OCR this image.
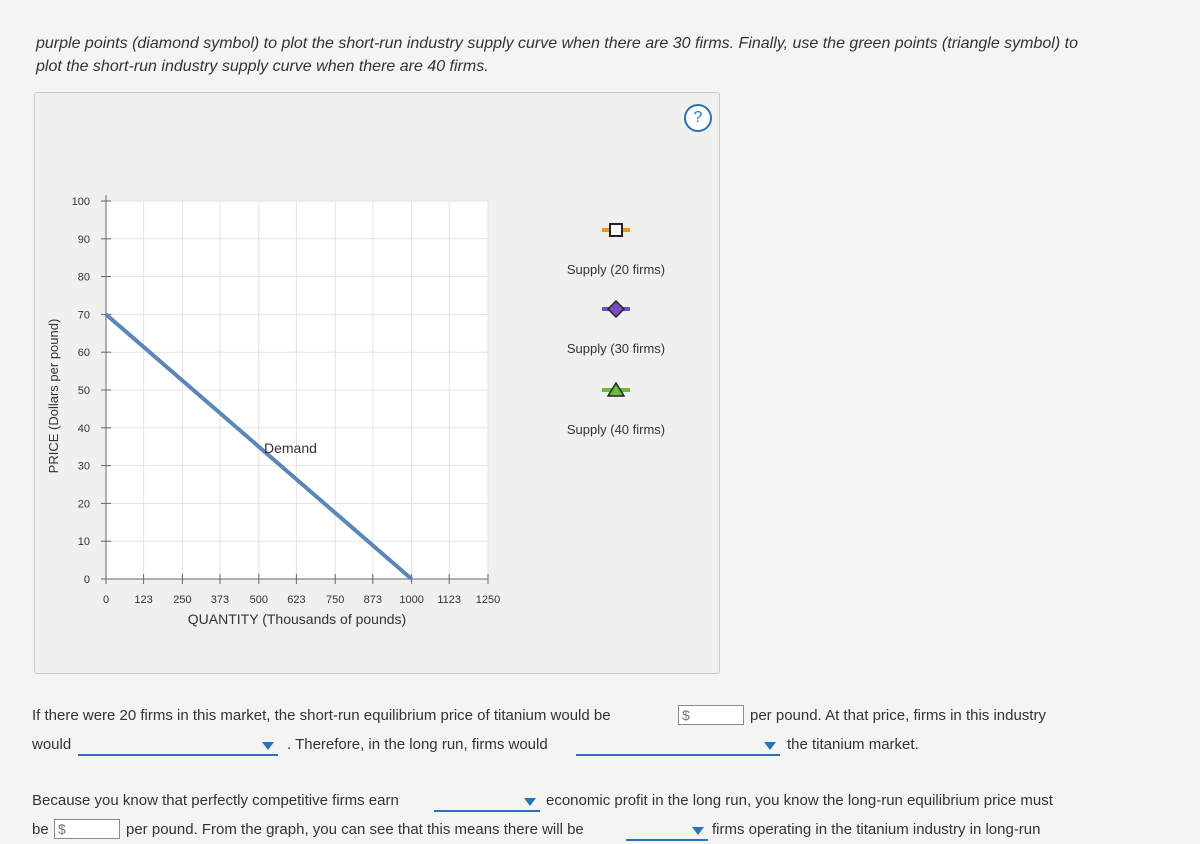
purple points (diamond symbol) to plot the short-run industry supply curve when there are 30 firms. Finally, use the green points (triangle symbol) to
plot the short-run industry supply curve when there are 40 firms.
?
PRICE (Dollars per pound)
QUANTITY (Thousands of pounds)
0 123 250 373 500 623 750 873 1000 1123 1250
100
90
80
70
60
50
40
30
20
10
0
Demand
Supply (20 firms)
Supply (30 firms)
Supply (40 firms)
If there were 20 firms in this market, the short-run equilibrium price of titanium would be	$	per pound. At that price, firms in this industry
would	. Therefore, in the long run, firms would	the titanium market.
Because you know that perfectly competitive firms earn	economic profit in the long run, you know the long-run equilibrium price must
be $	per pound. From the graph, you can see that this means there will be	firms operating in the titanium industry in long-run
